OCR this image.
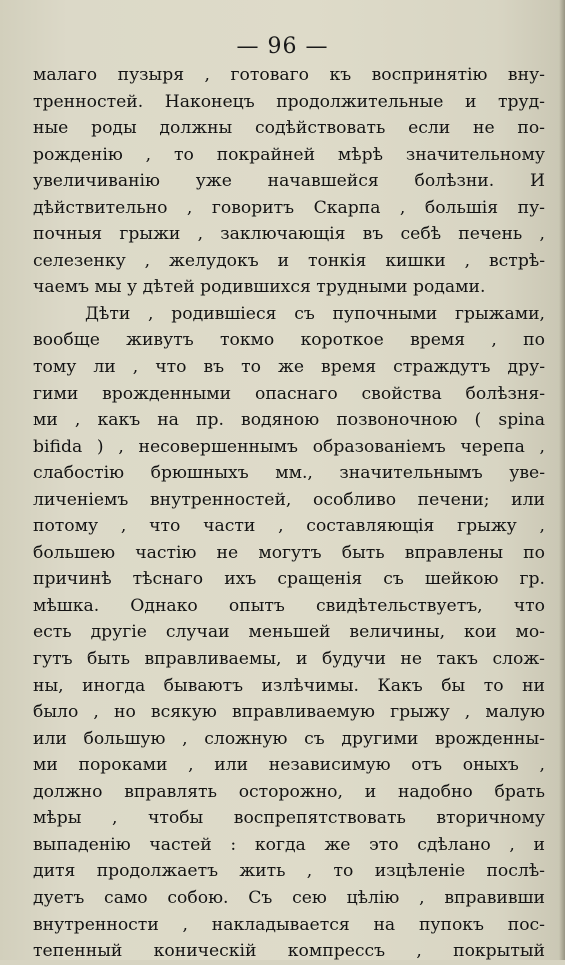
— 96 —
малаго пузыря , готоваго къ воспринятію вну-
тренностей. Наконецъ продолжительные и труд-
ные роды должны содѣйствовать если не по-
рожденію , то покрайней мѣрѣ значительному
увеличиванію уже начавшейся болѣзни. И
дѣйствительно , говоритъ Скарпа , большія пу-
почныя грыжи , заключающія въ себѣ печень ,
селезенку , желудокъ и тонкія кишки , встрѣ-
чаемъ мы у дѣтей родившихся трудными родами.
Дѣти , родившіеся съ пупочными грыжами,
вообще живутъ токмо короткое время , по
тому ли , что въ то же время страждутъ дру-
гими врожденными опаснаго свойства болѣзня-
ми , какъ на пр. водяною позвоночною ( spina
bifida ) , несовершеннымъ образованіемъ черепа ,
слабостію брюшныхъ мм., значительнымъ уве-
личеніемъ внутренностей, особливо печени; или
потому , что части , составляющія грыжу ,
большею частію не могутъ быть вправлены по
причинѣ тѣснаго ихъ сращенія съ шейкою гр.
мѣшка. Однако опытъ свидѣтельствуетъ, что
есть другіе случаи меньшей величины, кои мо-
гутъ быть вправливаемы, и будучи не такъ слож-
ны, иногда бываютъ излѣчимы. Какъ бы то ни
было , но всякую вправливаемую грыжу , малую
или большую , сложную съ другими врожденны-
ми пороками , или независимую отъ оныхъ ,
должно вправлять осторожно, и надобно брать
мѣры , чтобы воспрепятствовать вторичному
выпаденію частей : когда же это сдѣлано , и
дитя продолжаетъ жить , то изцѣленіе послѣ-
дуетъ само собою. Съ сею цѣлію , вправивши
внутренности , накладывается на пупокъ пос-
тепенный коническій компрессъ , покрытый
